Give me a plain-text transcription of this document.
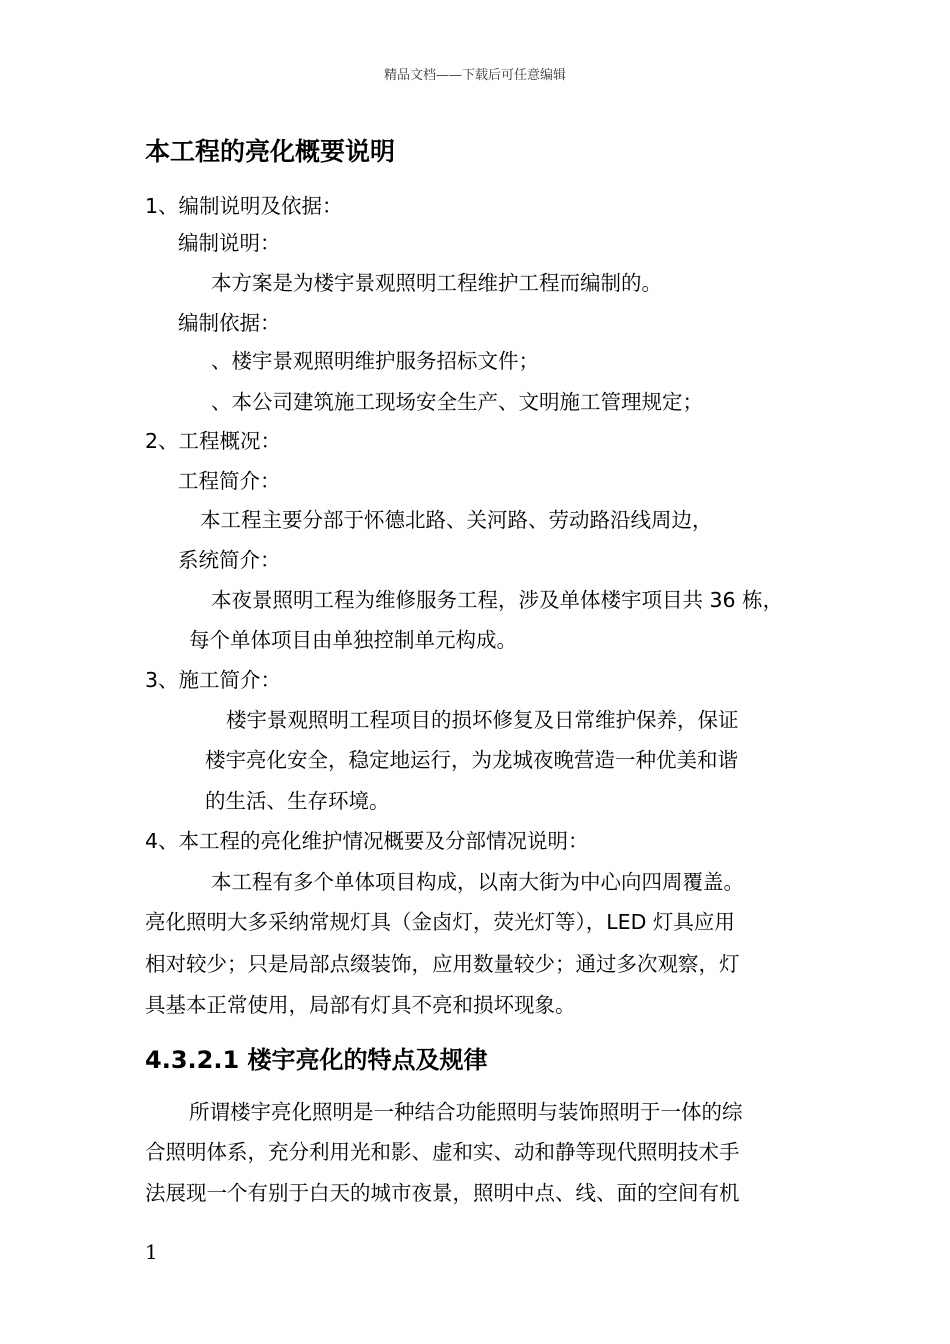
精品文档——下载后可任意编辑
本工程的亮化概要说明
1、编制说明及依据：
编制说明：
本方案是为楼宇景观照明工程维护工程而编制的。
编制依据：
、楼宇景观照明维护服务招标文件；
、本公司建筑施工现场安全生产、文明施工管理规定；
2、工程概况：
工程简介：
本工程主要分部于怀德北路、关河路、劳动路沿线周边，
系统简介：
本夜景照明工程为维修服务工程，涉及单体楼宇项目共 36 栋，
每个单体项目由单独控制单元构成。
3、施工简介：
楼宇景观照明工程项目的损坏修复及日常维护保养，保证
楼宇亮化安全，稳定地运行，为龙城夜晚营造一种优美和谐
的生活、生存环境。
4、本工程的亮化维护情况概要及分部情况说明：
本工程有多个单体项目构成，以南大街为中心向四周覆盖。
亮化照明大多采纳常规灯具（金卤灯，荧光灯等），LED 灯具应用
相对较少；只是局部点缀装饰，应用数量较少；通过多次观察，灯
具基本正常使用，局部有灯具不亮和损坏现象。
4.3.2.1 楼宇亮化的特点及规律
所谓楼宇亮化照明是一种结合功能照明与装饰照明于一体的综
合照明体系，充分利用光和影、虚和实、动和静等现代照明技术手
法展现一个有别于白天的城市夜景，照明中点、线、面的空间有机
1
